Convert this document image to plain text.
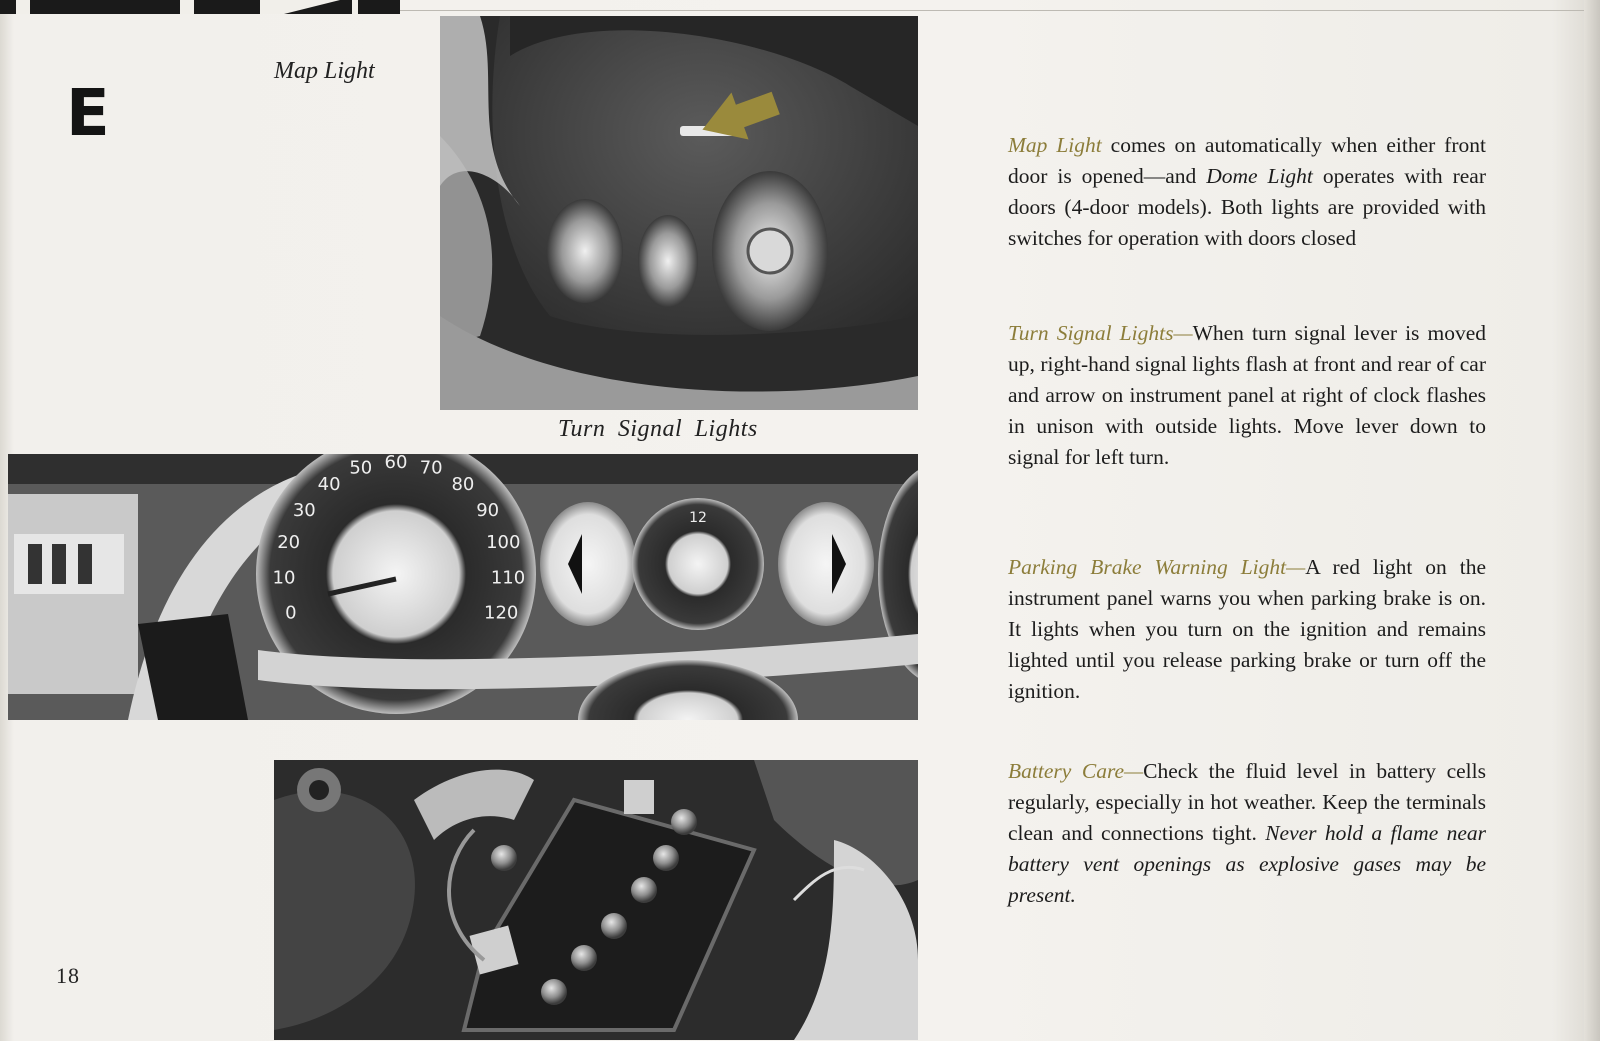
E
Map Light
Turn Signal Lights
18
0
10
20
30
40
50 60 70
80
90
100
110
120
12

Map Light comes on automatically when either front door is opened—and Dome Light operates with rear doors (4-door models). Both lights are provided with switches for operation with doors closed

Turn Signal Lights—When turn signal lever is moved up, right-hand signal lights flash at front and rear of car and arrow on instrument panel at right of clock flashes in unison with outside lights. Move lever down to signal for left turn.

Parking Brake Warning Light—A red light on the instrument panel warns you when parking brake is on. It lights when you turn on the ignition and remains lighted until you release parking brake or turn off the ignition.

Battery Care—Check the fluid level in battery cells regularly, especially in hot weather. Keep the terminals clean and connections tight. Never hold a flame near battery vent openings as explosive gases may be present.
